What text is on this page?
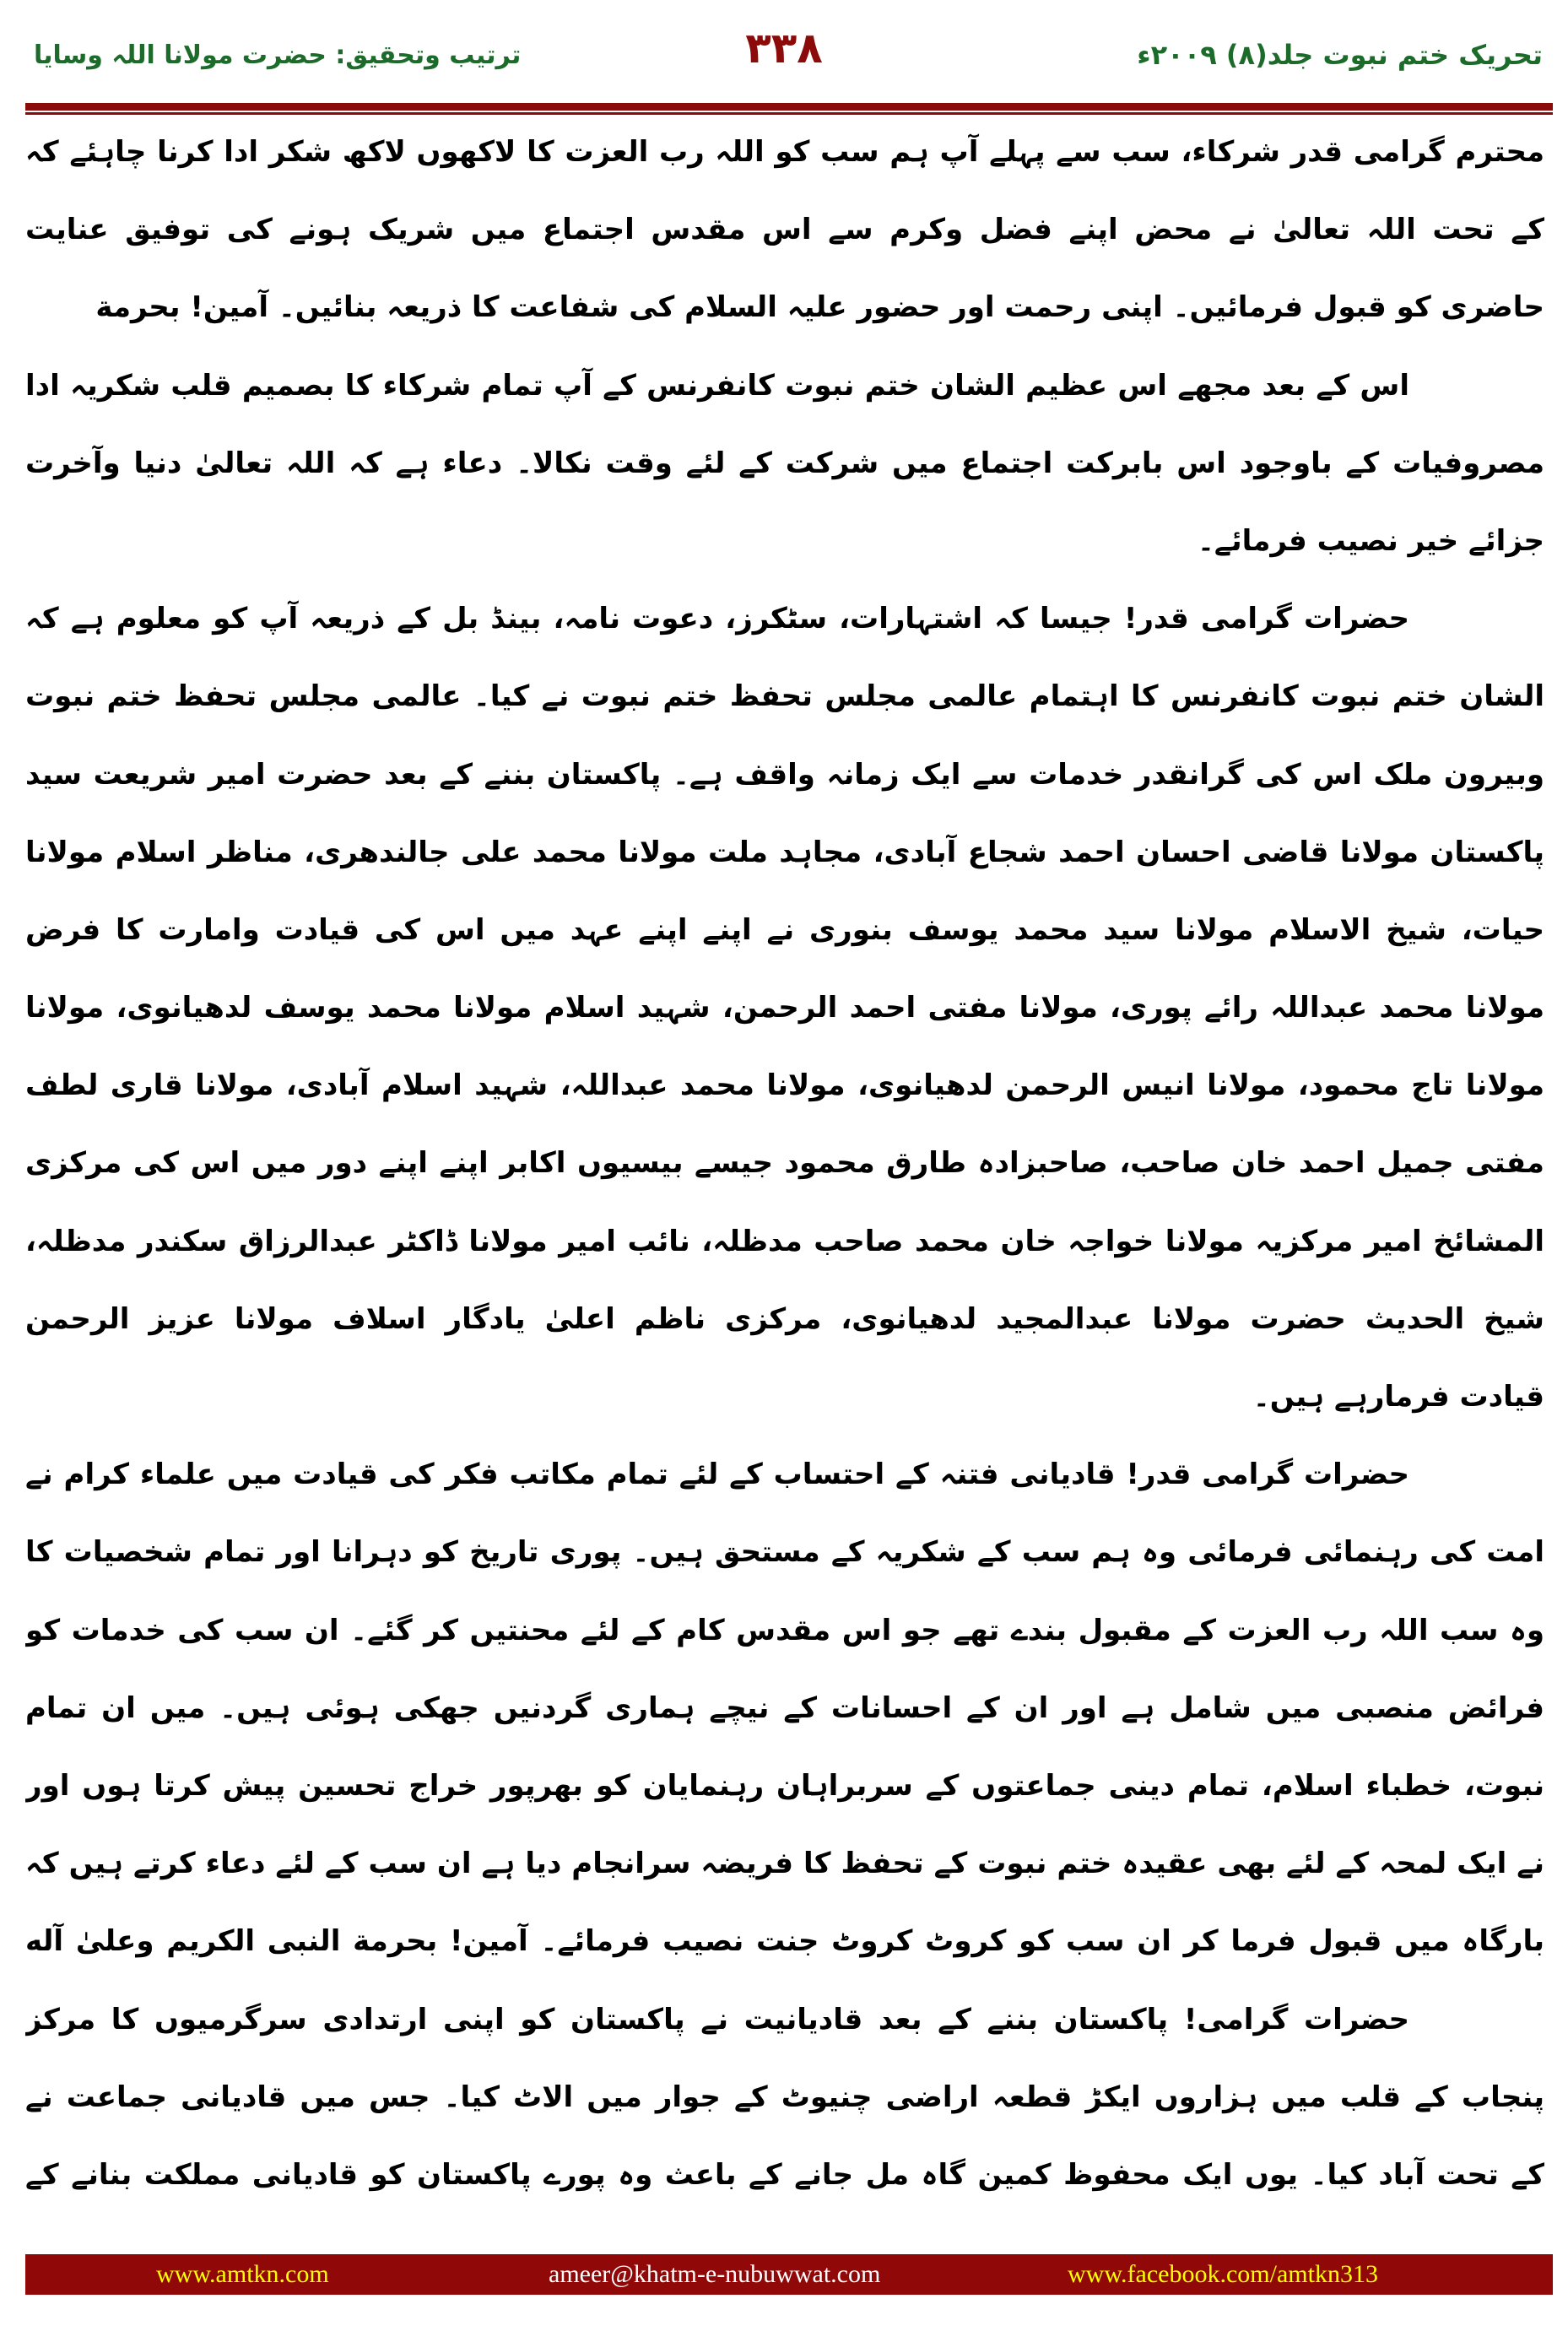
تحریک ختم نبوت جلد(۸) ۲۰۰۹ء
۳۳۸
ترتیب وتحقیق: حضرت مولانا اللہ وسایا
محترم گرامی قدر شرکاء، سب سے پہلے آپ ہم سب کو اللہ رب العزت کا لاکھوں لاکھ شکر ادا کرنا چاہئے کہ
کے تحت اللہ تعالیٰ نے محض اپنے فضل وکرم سے اس مقدس اجتماع میں شریک ہونے کی توفیق عنایت
حاضری کو قبول فرمائیں۔ اپنی رحمت اور حضور علیہ السلام کی شفاعت کا ذریعہ بنائیں۔ آمین! بحرمة
اس کے بعد مجھے اس عظیم الشان ختم نبوت کانفرنس کے آپ تمام شرکاء کا بصمیم قلب شکریہ ادا
مصروفیات کے باوجود اس بابرکت اجتماع میں شرکت کے لئے وقت نکالا۔ دعاء ہے کہ اللہ تعالیٰ دنیا وآخرت
جزائے خیر نصیب فرمائے۔
حضرات گرامی قدر! جیسا کہ اشتہارات، سٹکرز، دعوت نامہ، بینڈ بل کے ذریعہ آپ کو معلوم ہے کہ
الشان ختم نبوت کانفرنس کا اہتمام عالمی مجلس تحفظ ختم نبوت نے کیا۔ عالمی مجلس تحفظ ختم نبوت
وبیرون ملک اس کی گرانقدر خدمات سے ایک زمانہ واقف ہے۔ پاکستان بننے کے بعد حضرت امیر شریعت سید
پاکستان مولانا قاضی احسان احمد شجاع آبادی، مجاہد ملت مولانا محمد علی جالندھری، مناظر اسلام مولانا
حیات، شیخ الاسلام مولانا سید محمد یوسف بنوری نے اپنے اپنے عہد میں اس کی قیادت وامارت کا فرض
مولانا محمد عبداللہ رائے پوری، مولانا مفتی احمد الرحمن، شہید اسلام مولانا محمد یوسف لدھیانوی، مولانا
مولانا تاج محمود، مولانا انیس الرحمن لدھیانوی، مولانا محمد عبداللہ، شہید اسلام آبادی، مولانا قاری لطف
مفتی جمیل احمد خان صاحب، صاحبزادہ طارق محمود جیسے بیسیوں اکابر اپنے اپنے دور میں اس کی مرکزی
المشائخ امیر مرکزیہ مولانا خواجہ خان محمد صاحب مدظلہ، نائب امیر مولانا ڈاکٹر عبدالرزاق سکندر مدظلہ،
شیخ الحدیث حضرت مولانا عبدالمجید لدھیانوی، مرکزی ناظم اعلیٰ یادگار اسلاف مولانا عزیز الرحمن
قیادت فرمارہے ہیں۔
حضرات گرامی قدر! قادیانی فتنہ کے احتساب کے لئے تمام مکاتب فکر کی قیادت میں علماء کرام نے
امت کی رہنمائی فرمائی وہ ہم سب کے شکریہ کے مستحق ہیں۔ پوری تاریخ کو دہرانا اور تمام شخصیات کا
وہ سب اللہ رب العزت کے مقبول بندے تھے جو اس مقدس کام کے لئے محنتیں کر گئے۔ ان سب کی خدمات کو
فرائض منصبی میں شامل ہے اور ان کے احسانات کے نیچے ہماری گردنیں جھکی ہوئی ہیں۔ میں ان تمام
نبوت، خطباء اسلام، تمام دینی جماعتوں کے سربراہان رہنمایان کو بھرپور خراج تحسین پیش کرتا ہوں اور
نے ایک لمحہ کے لئے بھی عقیدہ ختم نبوت کے تحفظ کا فریضہ سرانجام دیا ہے ان سب کے لئے دعاء کرتے ہیں کہ
بارگاہ میں قبول فرما کر ان سب کو کروٹ کروٹ جنت نصیب فرمائے۔ آمین! بحرمة النبی الکریم وعلیٰ آله
حضرات گرامی! پاکستان بننے کے بعد قادیانیت نے پاکستان کو اپنی ارتدادی سرگرمیوں کا مرکز
پنجاب کے قلب میں ہزاروں ایکڑ قطعہ اراضی چنیوٹ کے جوار میں الاٹ کیا۔ جس میں قادیانی جماعت نے
کے تحت آباد کیا۔ یوں ایک محفوظ کمین گاہ مل جانے کے باعث وہ پورے پاکستان کو قادیانی مملکت بنانے کے
www.amtkn.com	ameer@khatm-e-nubuwwat.com	www.facebook.com/amtkn313
